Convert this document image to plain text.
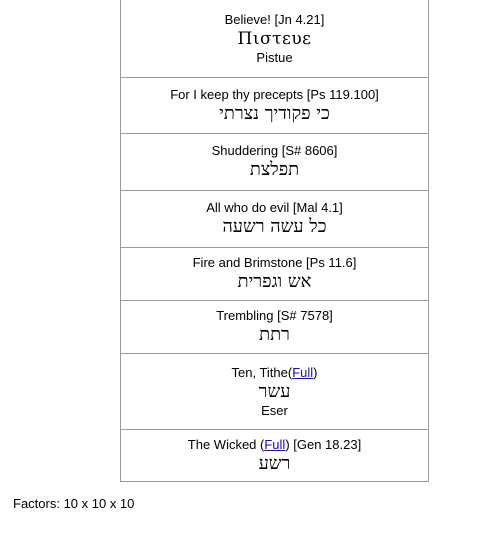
Believe! [Jn 4.21]
Πιστευε
Pistue
For I keep thy precepts [Ps 119.100]
כי פקודיך נצרתי
Shuddering [S# 8606]
תפלצת
All who do evil [Mal 4.1]
כל עשה רשעה
Fire and Brimstone [Ps 11.6]
אש וגפרית
Trembling [S# 7578]
רתת
Ten, Tithe(Full)
עשר
Eser
The Wicked (Full) [Gen 18.23]
רשע
Factors: 10 x 10 x 10
